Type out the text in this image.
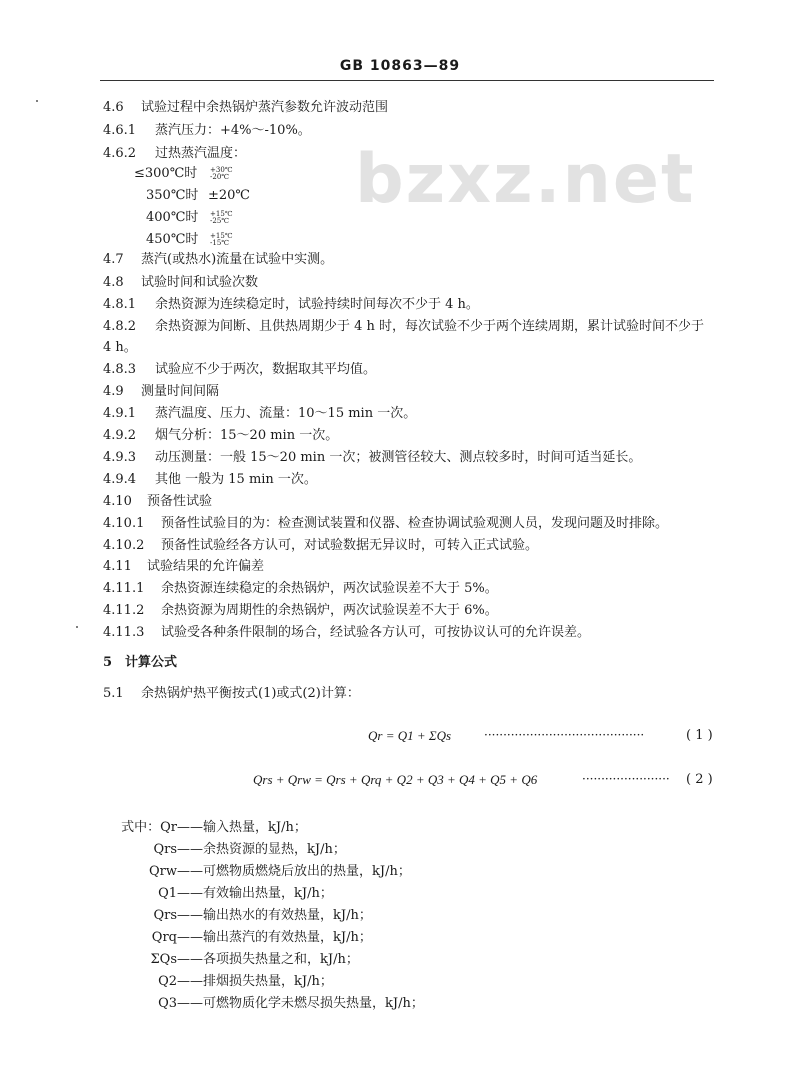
GB 10863—89
bzxz.net
4.6 试验过程中余热锅炉蒸汽参数允许波动范围
4.6.1 蒸汽压力：+4%～-10%。
4.6.2 过热蒸汽温度：
≤300℃时 +30℃
-20℃
350℃时 ±20℃
400℃时 +15℃
-25℃
450℃时 +15℃
-15℃
4.7 蒸汽(或热水)流量在试验中实测。
4.8 试验时间和试验次数
4.8.1 余热资源为连续稳定时，试验持续时间每次不少于 4 h。
4.8.2 余热资源为间断、且供热周期少于 4 h 时，每次试验不少于两个连续周期，累计试验时间不少于
4 h。
4.8.3 试验应不少于两次，数据取其平均值。
4.9 测量时间间隔
4.9.1 蒸汽温度、压力、流量：10～15 min 一次。
4.9.2 烟气分析：15～20 min 一次。
4.9.3 动压测量：一般 15～20 min 一次；被测管径较大、测点较多时，时间可适当延长。
4.9.4 其他 一般为 15 min 一次。
4.10 预备性试验
4.10.1 预备性试验目的为：检查测试装置和仪器、检查协调试验观测人员，发现问题及时排除。
4.10.2 预备性试验经各方认可，对试验数据无异议时，可转入正式试验。
4.11 试验结果的允许偏差
4.11.1 余热资源连续稳定的余热锅炉，两次试验误差不大于 5%。
4.11.2 余热资源为周期性的余热锅炉，两次试验误差不大于 6%。
4.11.3 试验受各种条件限制的场合，经试验各方认可，可按协议认可的允许误差。
5 计算公式
5.1 余热锅炉热平衡按式(1)或式(2)计算：
Qr = Q1 + ΣQs	··········································	( 1 )
Qrs + Qrw = Qrs + Qrq + Q2 + Q3 + Q4 + Q5 + Q6	······················· ( 2 )
式中：Qr——输入热量，kJ/h；
Qrs——余热资源的显热，kJ/h；
Qrw——可燃物质燃烧后放出的热量，kJ/h；
Q1——有效输出热量，kJ/h；
Qrs——输出热水的有效热量，kJ/h；
Qrq——输出蒸汽的有效热量，kJ/h；
ΣQs——各项损失热量之和，kJ/h；
Q2——排烟损失热量，kJ/h；
Q3——可燃物质化学未燃尽损失热量，kJ/h；
